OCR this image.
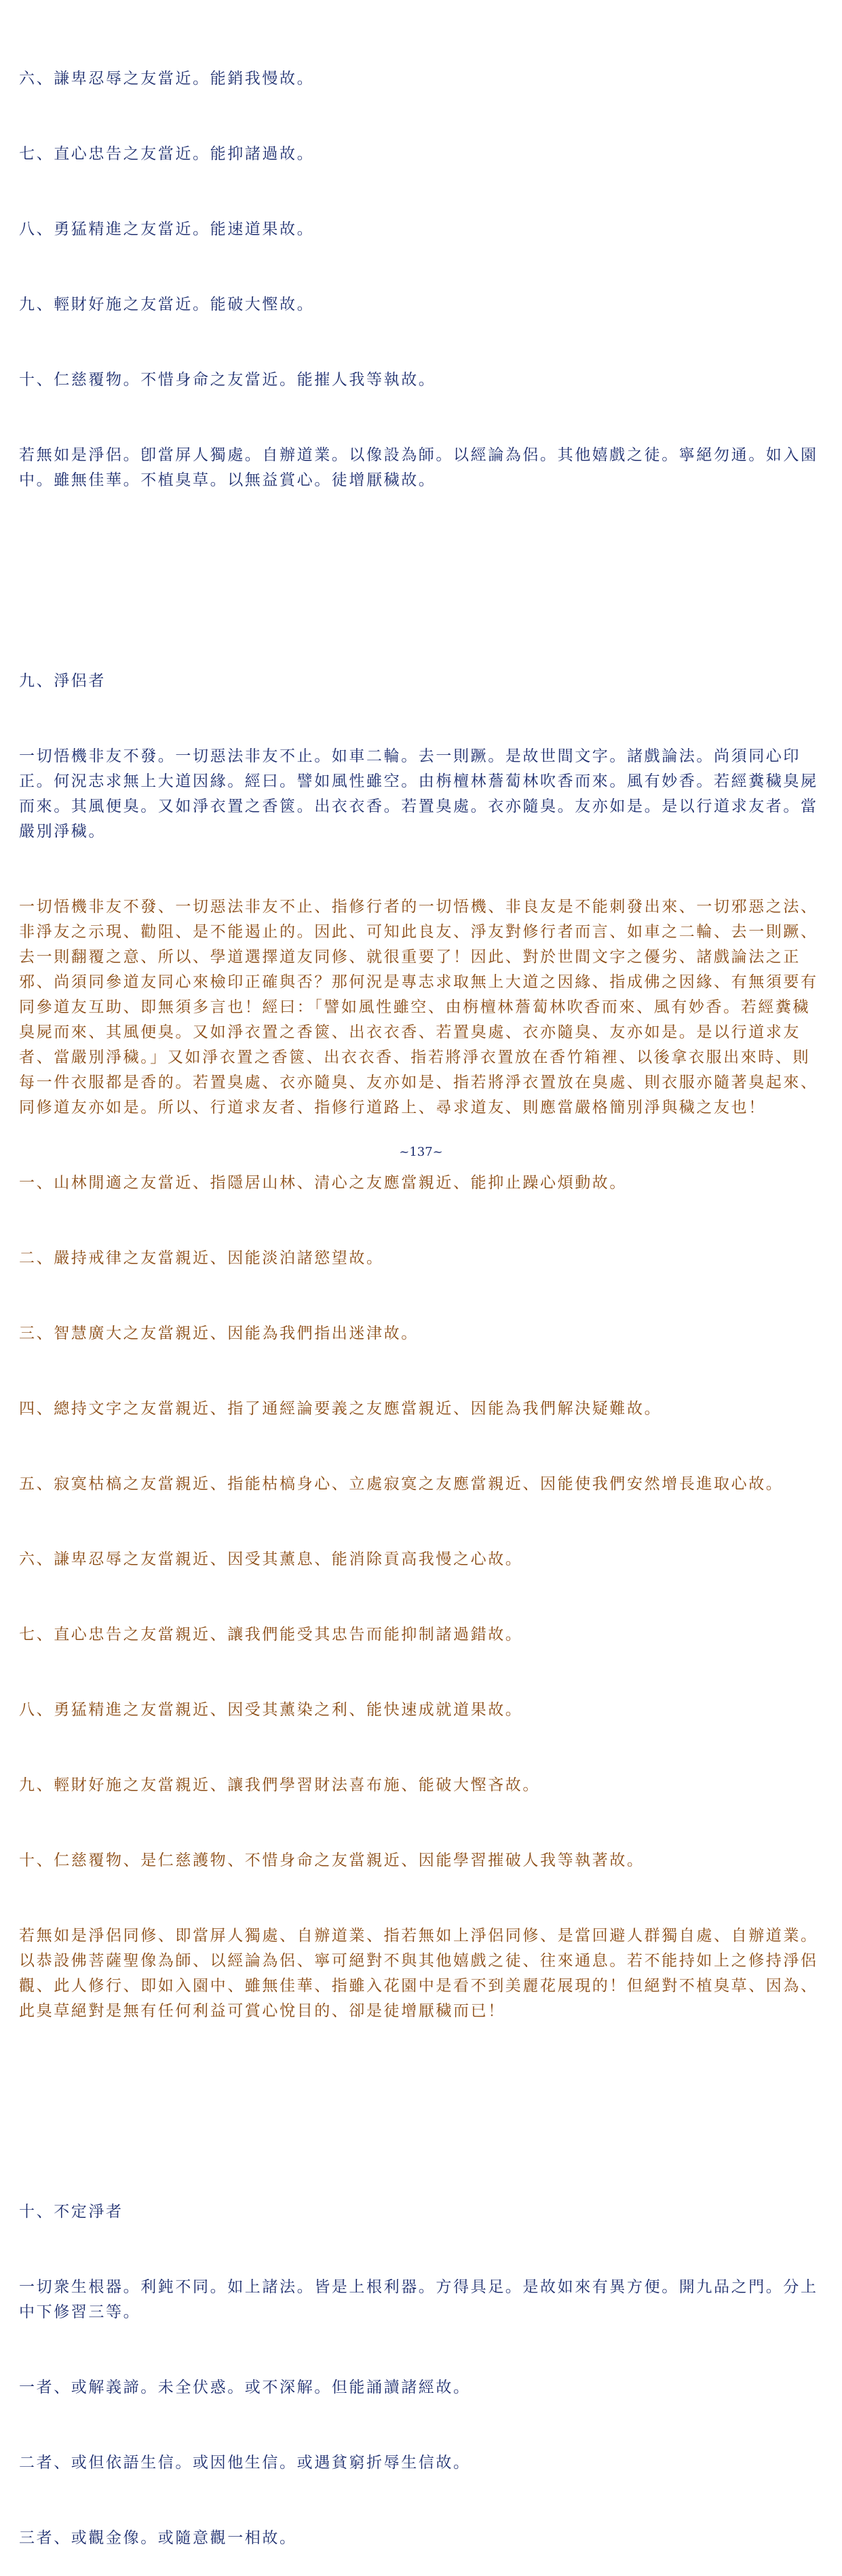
六、謙卑忍辱之友當近。能銷我慢故。

七、直心忠告之友當近。能抑諸過故。

八、勇猛精進之友當近。能速道果故。

九、輕財好施之友當近。能破大慳故。

十、仁慈覆物。不惜身命之友當近。能摧人我等執故。

若無如是淨侶。卽當屏人獨處。自辦道業。以像設為師。以經論為侶。其他嬉戲之徒。寧絕勿通。如入園中。雖無佳華。不植臭草。以無益賞心。徒增厭穢故。

九、淨侶者

一切悟機非友不發。一切惡法非友不止。如車二輪。去一則蹶。是故世間文字。諸戲論法。尚須同心印正。何況志求無上大道因緣。經曰。譬如風性雖空。由栴檀林薝蔔林吹香而來。風有妙香。若經糞穢臭屍而來。其風便臭。又如淨衣置之香篋。出衣衣香。若置臭處。衣亦隨臭。友亦如是。是以行道求友者。當嚴別淨穢。

一切悟機非友不發、一切惡法非友不止、指修行者的一切悟機、非良友是不能刺發出來、一切邪惡之法、非淨友之示現、勸阻、是不能遏止的。因此、可知此良友、淨友對修行者而言、如車之二輪、去一則蹶、去一則翻覆之意、所以、學道選擇道友同修、就很重要了！因此、對於世間文字之優劣、諸戲論法之正邪、尚須同參道友同心來檢印正確與否？那何況是專志求取無上大道之因緣、指成佛之因緣、有無須要有同參道友互助、即無須多言也！經曰：「譬如風性雖空、由栴檀林薝蔔林吹香而來、風有妙香。若經糞穢臭屍而來、其風便臭。又如淨衣置之香篋、出衣衣香、若置臭處、衣亦隨臭、友亦如是。是以行道求友者、當嚴別淨穢。」又如淨衣置之香篋、出衣衣香、指若將淨衣置放在香竹箱裡、以後拿衣服出來時、則每一件衣服都是香的。若置臭處、衣亦隨臭、友亦如是、指若將淨衣置放在臭處、則衣服亦隨著臭起來、同修道友亦如是。所以、行道求友者、指修行道路上、尋求道友、則應當嚴格簡別淨與穢之友也！

一、山林閒適之友當近、指隱居山林、清心之友應當親近、能抑止躁心煩動故。

二、嚴持戒律之友當親近、因能淡泊諸慾望故。

三、智慧廣大之友當親近、因能為我們指出迷津故。

四、總持文字之友當親近、指了通經論要義之友應當親近、因能為我們解決疑難故。

五、寂寞枯槁之友當親近、指能枯槁身心、立處寂寞之友應當親近、因能使我們安然增長進取心故。

六、謙卑忍辱之友當親近、因受其薰息、能消除貢高我慢之心故。

七、直心忠告之友當親近、讓我們能受其忠告而能抑制諸過錯故。

八、勇猛精進之友當親近、因受其薰染之利、能快速成就道果故。

九、輕財好施之友當親近、讓我們學習財法喜布施、能破大慳吝故。

十、仁慈覆物、是仁慈護物、不惜身命之友當親近、因能學習摧破人我等執著故。

若無如是淨侶同修、即當屏人獨處、自辦道業、指若無如上淨侶同修、是當回避人群獨自處、自辦道業。以恭設佛菩薩聖像為師、以經論為侶、寧可絕對不與其他嬉戲之徒、往來通息。若不能持如上之修持淨侶觀、此人修行、即如入園中、雖無佳華、指雖入花園中是看不到美麗花展現的！但絕對不植臭草、因為、此臭草絕對是無有任何利益可賞心悅目的、卻是徒增厭穢而已！

十、不定淨者

一切衆生根器。利鈍不同。如上諸法。皆是上根利器。方得具足。是故如來有異方便。開九品之門。分上中下修習三等。

一者、或解義諦。未全伏惑。或不深解。但能誦讀諸經故。

二者、或但依語生信。或因他生信。或遇貧窮折辱生信故。

三者、或觀金像。或隨意觀一相故。

~137~
